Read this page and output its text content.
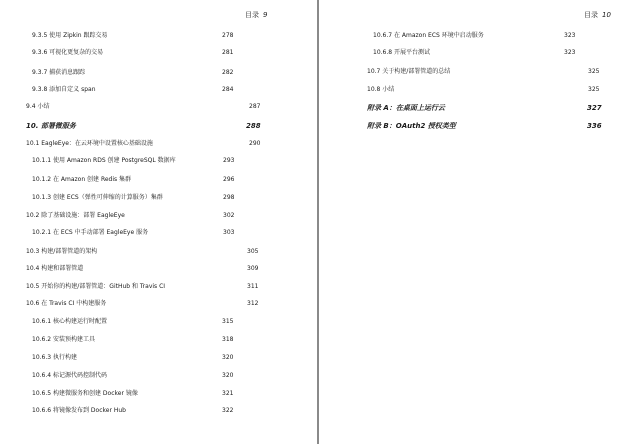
目录 9
9.3.5 使用 Zipkin 跟踪交易	278
9.3.6 可视化更复杂的交易	281
9.3.7 捕获消息跟踪	282
9.3.8 添加自定义 span	284
9.4 小结	287
10. 部署微服务	288
10.1 EagleEye：在云环境中设置核心基础设施	290
10.1.1 使用 Amazon RDS 创建 PostgreSQL 数据库	293
10.1.2 在 Amazon 创建 Redis 集群	296
10.1.3 创建 ECS（弹性可伸缩的计算服务）集群	298
10.2 除了基础设施：部署 EagleEye	302
10.2.1 在 ECS 中手动部署 EagleEye 服务	303
10.3 构建/部署管道的架构	305
10.4 构建和部署管道	309
10.5 开始你的构建/部署管道：GitHub 和 Travis CI	311
10.6 在 Travis CI 中构建服务	312
10.6.1 核心构建运行时配置	315
10.6.2 安装预构建工具	318
10.6.3 执行构建	320
10.6.4 标记源代码控制代码	320
10.6.5 构建微服务和创建 Docker 镜像	321
10.6.6 将镜像发布到 Docker Hub	322
目录 10
10.6.7 在 Amazon ECS 环境中启动服务	323
10.6.8 开展平台测试	323
10.7 关于构建/部署管道的总结	325
10.8 小结	325
附录 A：在桌面上运行云	327
附录 B：OAuth2 授权类型	336
